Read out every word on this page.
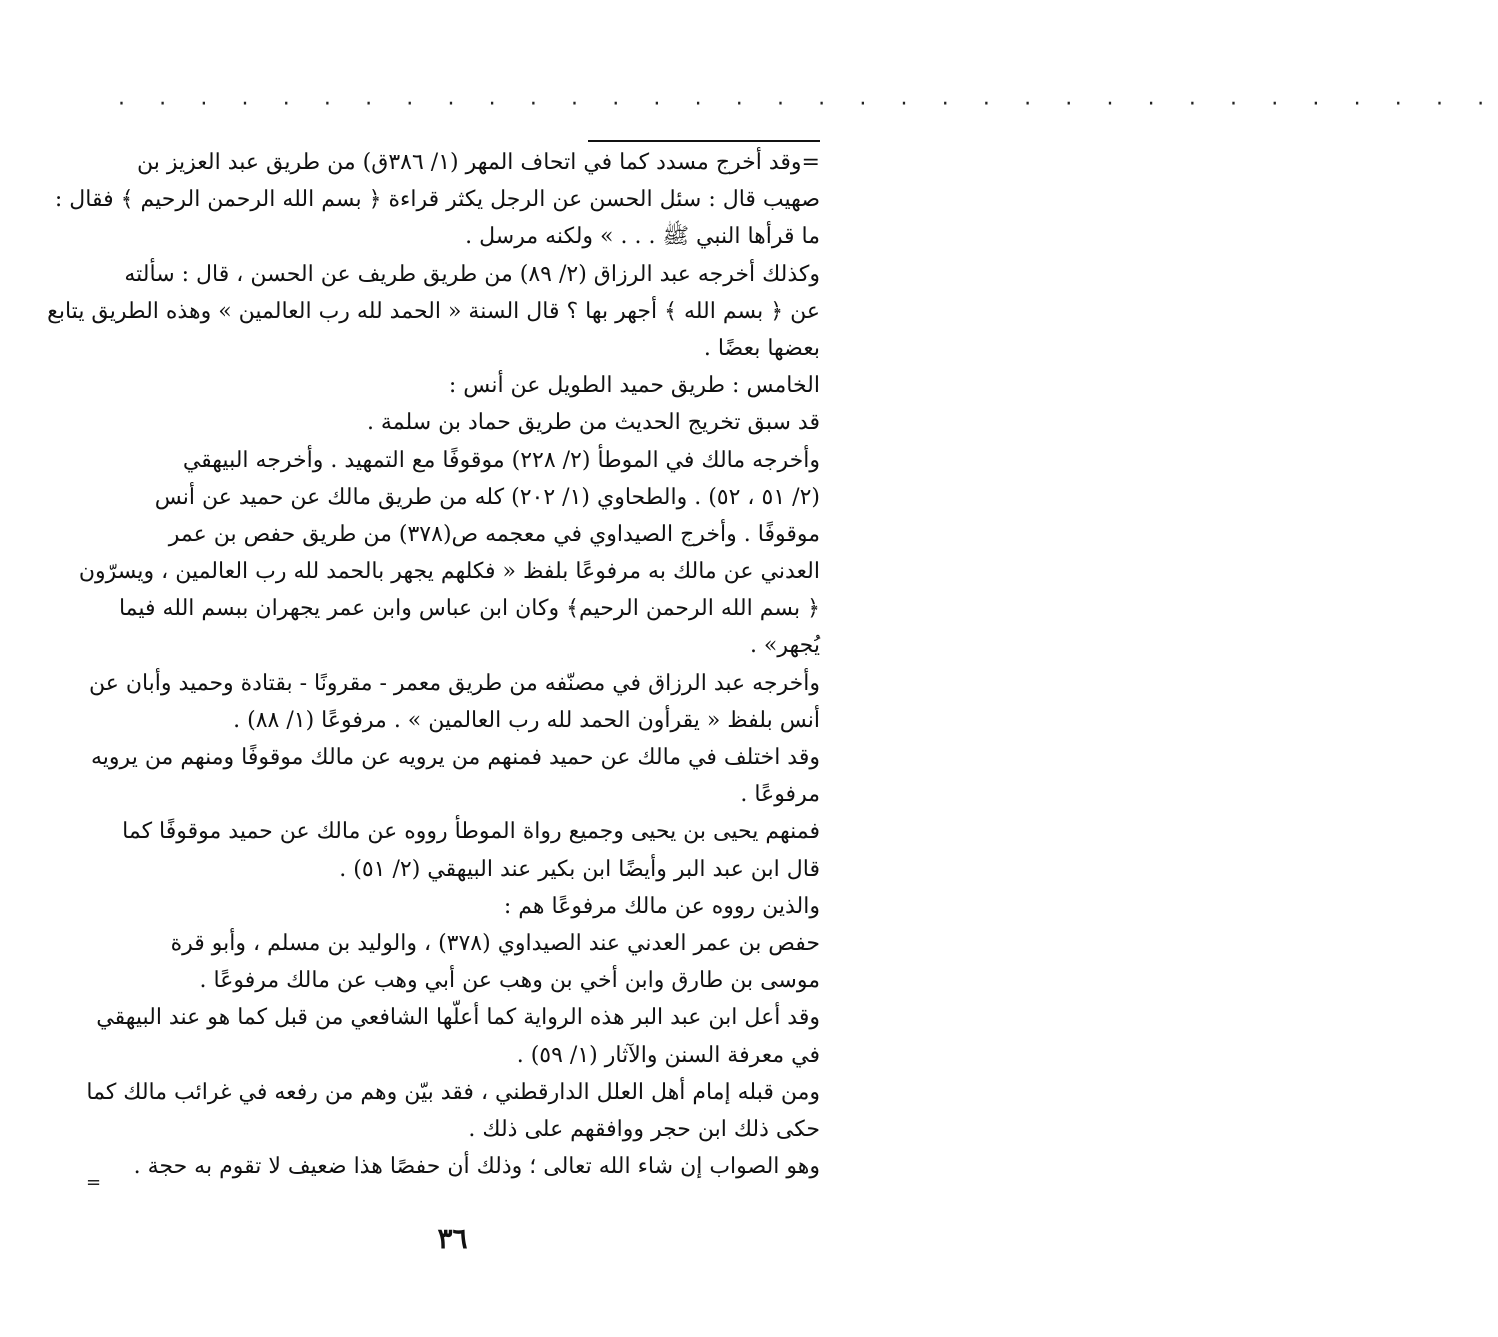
· · · · · · · · · · · · · · · · · · · · · · · · · · · · · · · · · ·
=وقد أخرج مسدد كما في اتحاف المهر (١/ ٣٨٦ق) من طريق عبد العزيز بن
صهيب قال : سئل الحسن عن الرجل يكثر قراءة ﴿ بسم الله الرحمن الرحيم ﴾ فقال :
ما قرأها النبي ﷺ . . . » ولكنه مرسل .
وكذلك أخرجه عبد الرزاق (٢/ ٨٩) من طريق طريف عن الحسن ، قال : سألته
عن ﴿ بسم الله ﴾ أجهر بها ؟ قال السنة « الحمد لله رب العالمين » وهذه الطريق يتابع
بعضها بعضًا .
الخامس : طريق حميد الطويل عن أنس :
قد سبق تخريج الحديث من طريق حماد بن سلمة .
وأخرجه مالك في الموطأ (٢/ ٢٢٨) موقوفًا مع التمهيد . وأخرجه البيهقي
(٢/ ٥١ ، ٥٢) . والطحاوي (١/ ٢٠٢) كله من طريق مالك عن حميد عن أنس
موقوفًا . وأخرج الصيداوي في معجمه ص(٣٧٨) من طريق حفص بن عمر
العدني عن مالك به مرفوعًا بلفظ « فكلهم يجهر بالحمد لله رب العالمين ، ويسرّون
﴿ بسم الله الرحمن الرحيم﴾ وكان ابن عباس وابن عمر يجهران ببسم الله فيما
يُجهر» .
وأخرجه عبد الرزاق في مصنّفه من طريق معمر - مقرونًا - بقتادة وحميد وأبان عن
أنس بلفظ « يقرأون الحمد لله رب العالمين » . مرفوعًا (١/ ٨٨) .
وقد اختلف في مالك عن حميد فمنهم من يرويه عن مالك موقوفًا ومنهم من يرويه
مرفوعًا .
فمنهم يحيى بن يحيى وجميع رواة الموطأ رووه عن مالك عن حميد موقوفًا كما
قال ابن عبد البر وأيضًا ابن بكير عند البيهقي (٢/ ٥١) .
والذين رووه عن مالك مرفوعًا هم :
حفص بن عمر العدني عند الصيداوي (٣٧٨) ، والوليد بن مسلم ، وأبو قرة
موسى بن طارق وابن أخي بن وهب عن أبي وهب عن مالك مرفوعًا .
وقد أعل ابن عبد البر هذه الرواية كما أعلّها الشافعي من قبل كما هو عند البيهقي
في معرفة السنن والآثار (١/ ٥٩) .
ومن قبله إمام أهل العلل الدارقطني ، فقد بيّن وهم من رفعه في غرائب مالك كما
حكى ذلك ابن حجر ووافقهم على ذلك .
وهو الصواب إن شاء الله تعالى ؛ وذلك أن حفصًا هذا ضعيف لا تقوم به حجة .
=
٣٦
